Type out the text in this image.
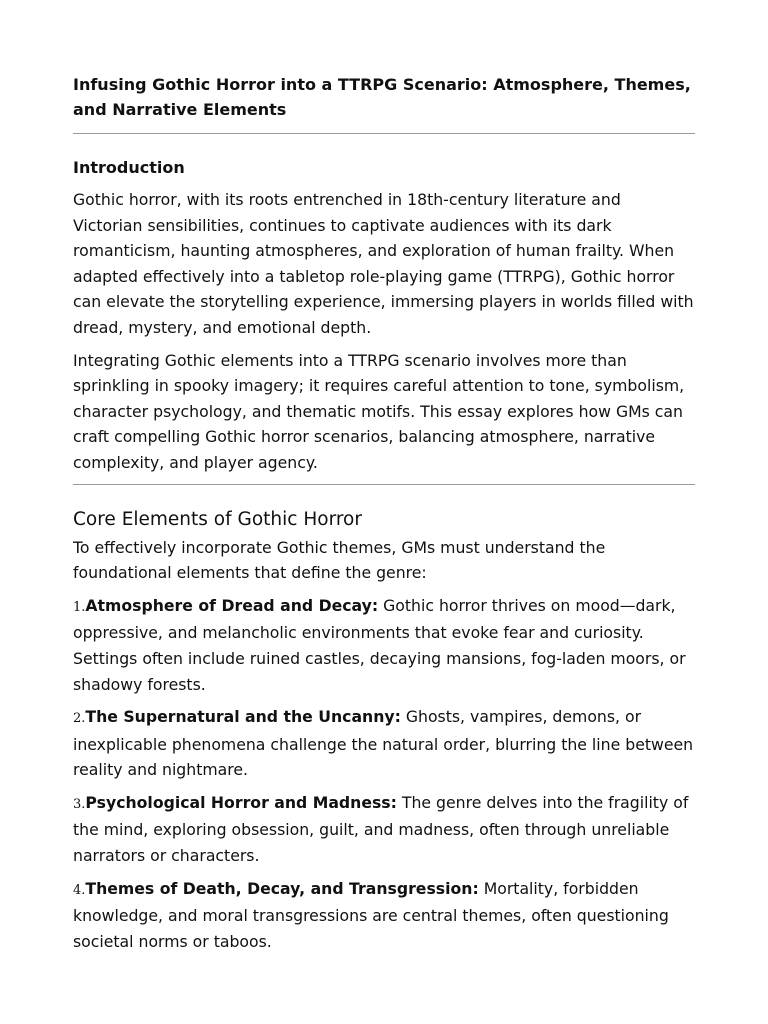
Infusing Gothic Horror into a TTRPG Scenario: Atmosphere, Themes, and Narrative Elements
Introduction

Gothic horror, with its roots entrenched in 18th-century literature and Victorian sensibilities, continues to captivate audiences with its dark romanticism, haunting atmospheres, and exploration of human frailty. When adapted effectively into a tabletop role-playing game (TTRPG), Gothic horror can elevate the storytelling experience, immersing players in worlds filled with dread, mystery, and emotional depth.

Integrating Gothic elements into a TTRPG scenario involves more than sprinkling in spooky imagery; it requires careful attention to tone, symbolism, character psychology, and thematic motifs. This essay explores how GMs can craft compelling Gothic horror scenarios, balancing atmosphere, narrative complexity, and player agency.

Core Elements of Gothic Horror

To effectively incorporate Gothic themes, GMs must understand the foundational elements that define the genre:

1.Atmosphere of Dread and Decay: Gothic horror thrives on mood—dark, oppressive, and melancholic environments that evoke fear and curiosity. Settings often include ruined castles, decaying mansions, fog-laden moors, or shadowy forests.
2.The Supernatural and the Uncanny: Ghosts, vampires, demons, or inexplicable phenomena challenge the natural order, blurring the line between reality and nightmare.
3.Psychological Horror and Madness: The genre delves into the fragility of the mind, exploring obsession, guilt, and madness, often through unreliable narrators or characters.
4.Themes of Death, Decay, and Transgression: Mortality, forbidden knowledge, and moral transgressions are central themes, often questioning societal norms or taboos.
